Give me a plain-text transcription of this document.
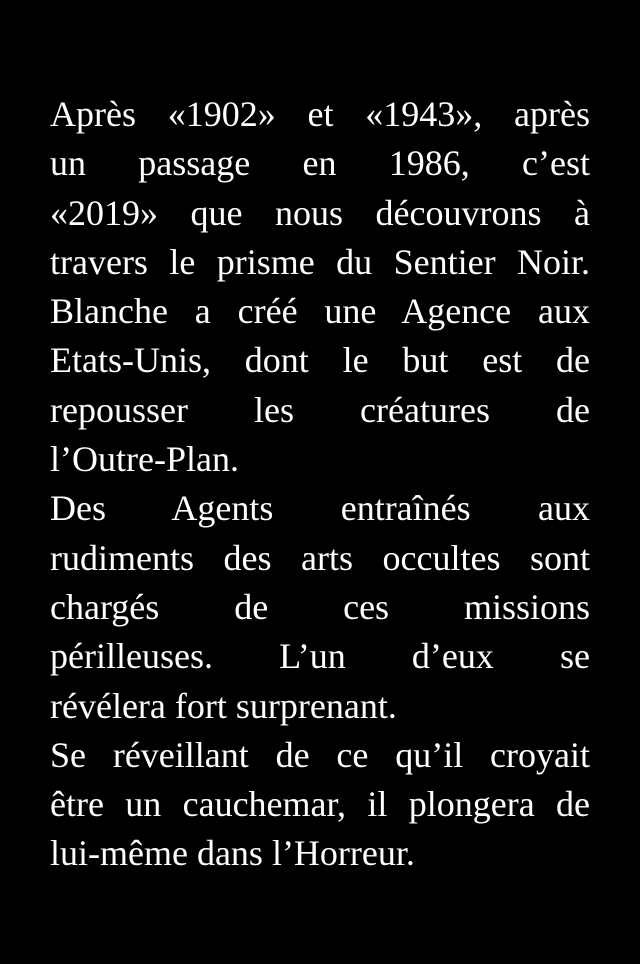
Après «1902» et «1943», après
un passage en 1986, c’est
«2019» que nous découvrons à
travers le prisme du Sentier Noir.
Blanche a créé une Agence aux
Etats-Unis, dont le but est de
repousser les créatures de
l’Outre-Plan.
Des Agents entraînés aux
rudiments des arts occultes sont
chargés de ces missions
périlleuses. L’un d’eux se
révélera fort surprenant.
Se réveillant de ce qu’il croyait
être un cauchemar, il plongera de
lui-même dans l’Horreur.
